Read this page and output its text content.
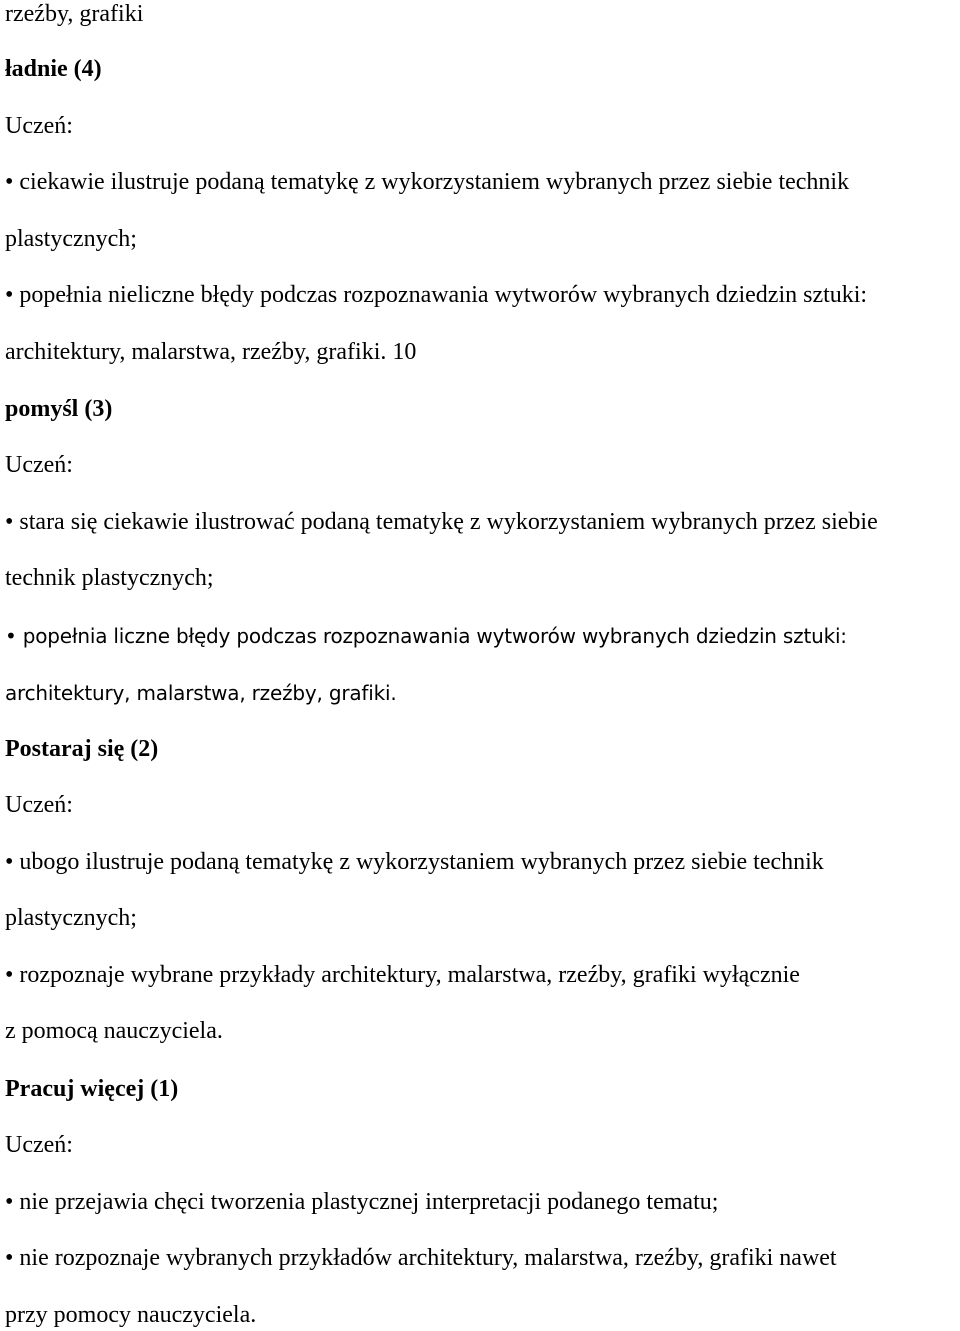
rzeźby, grafiki
ładnie (4)
Uczeń:
• ciekawie ilustruje podaną tematykę z wykorzystaniem wybranych przez siebie technik
plastycznych;
• popełnia nieliczne błędy podczas rozpoznawania wytworów wybranych dziedzin sztuki:
architektury, malarstwa, rzeźby, grafiki. 10
pomyśl (3)
Uczeń:
• stara się ciekawie ilustrować podaną tematykę z wykorzystaniem wybranych przez siebie
technik plastycznych;
• popełnia liczne błędy podczas rozpoznawania wytworów wybranych dziedzin sztuki:
architektury, malarstwa, rzeźby, grafiki.
Postaraj się (2)
Uczeń:
• ubogo ilustruje podaną tematykę z wykorzystaniem wybranych przez siebie technik
plastycznych;
• rozpoznaje wybrane przykłady architektury, malarstwa, rzeźby, grafiki wyłącznie
z pomocą nauczyciela.
Pracuj więcej (1)
Uczeń:
• nie przejawia chęci tworzenia plastycznej interpretacji podanego tematu;
• nie rozpoznaje wybranych przykładów architektury, malarstwa, rzeźby, grafiki nawet
przy pomocy nauczyciela.
